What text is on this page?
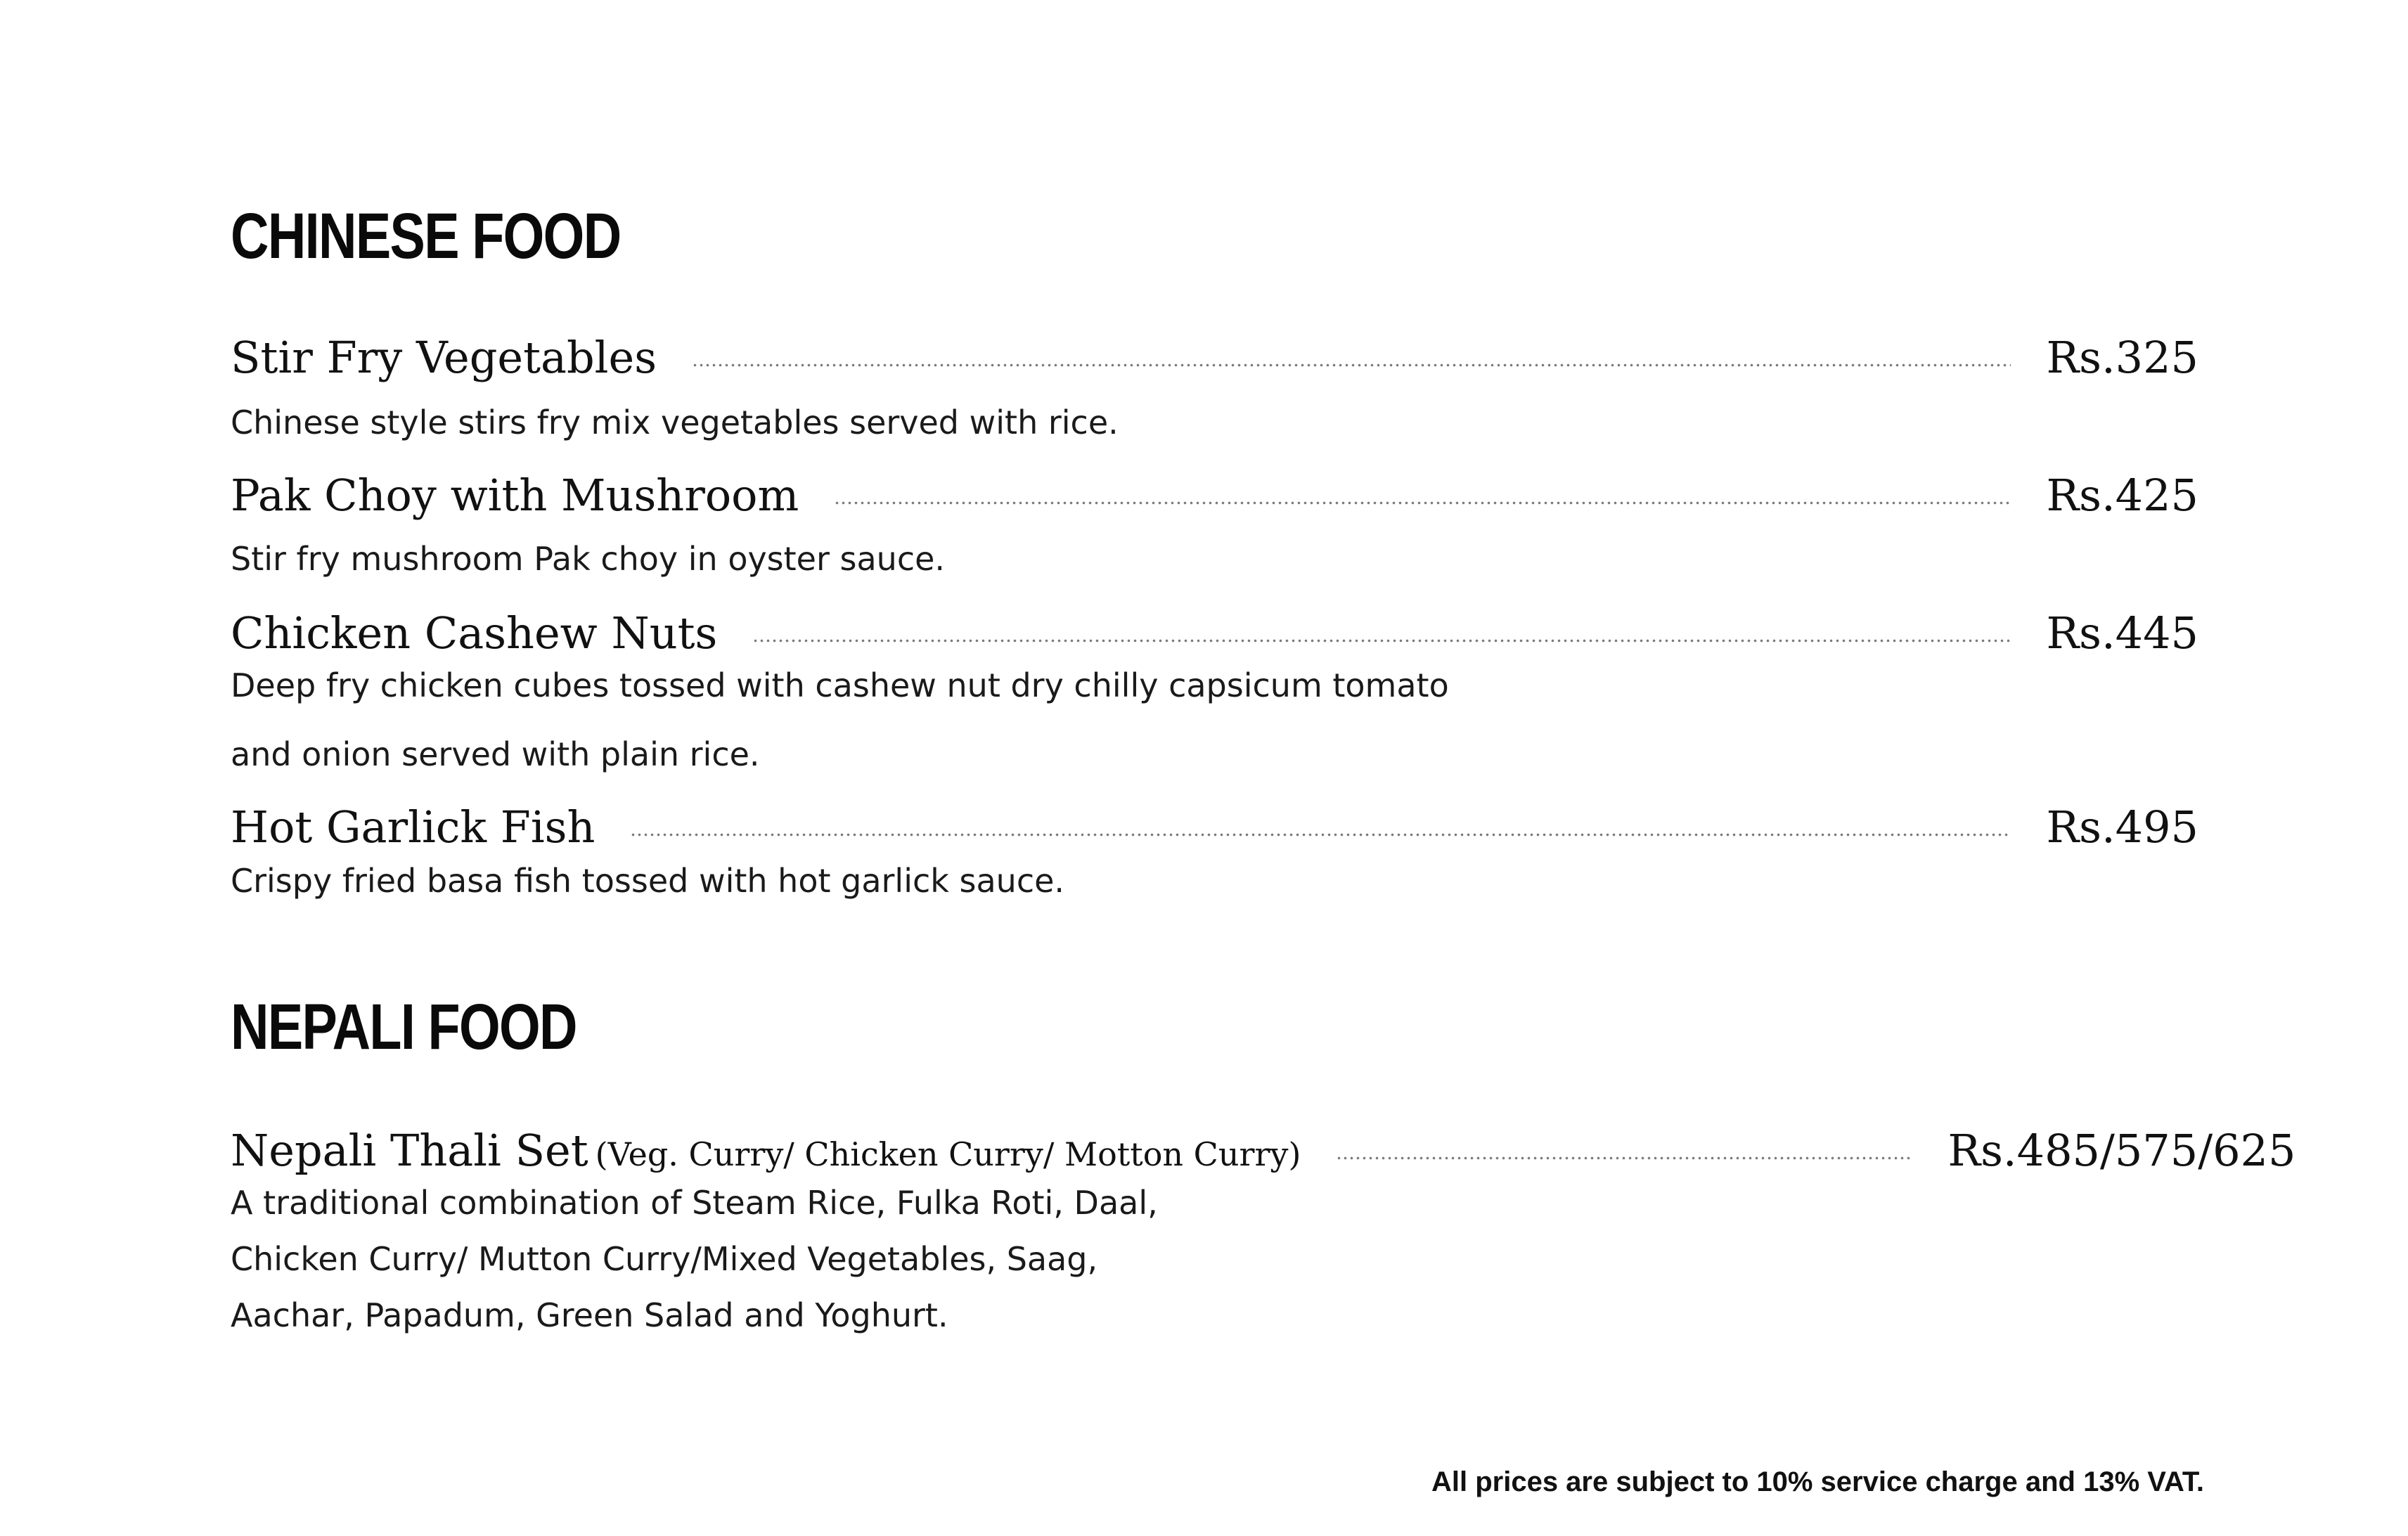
CHINESE FOOD
Stir Fry Vegetables	Rs.325

Chinese style stirs fry mix vegetables served with rice.

Pak Choy with Mushroom	Rs.425

Stir fry mushroom Pak choy in oyster sauce.

Chicken Cashew Nuts	Rs.445

Deep fry chicken cubes tossed with cashew nut dry chilly capsicum tomato

and onion served with plain rice.

Hot Garlick Fish	Rs.495

Crispy fried basa fish tossed with hot garlick sauce.

NEPALI FOOD
Nepali Thali Set (Veg. Curry/ Chicken Curry/ Motton Curry)	Rs.485/575/625

A traditional combination of Steam Rice, Fulka Roti, Daal,

Chicken Curry/ Mutton Curry/Mixed Vegetables, Saag,

Aachar, Papadum, Green Salad and Yoghurt.

All prices are subject to 10% service charge and 13% VAT.
